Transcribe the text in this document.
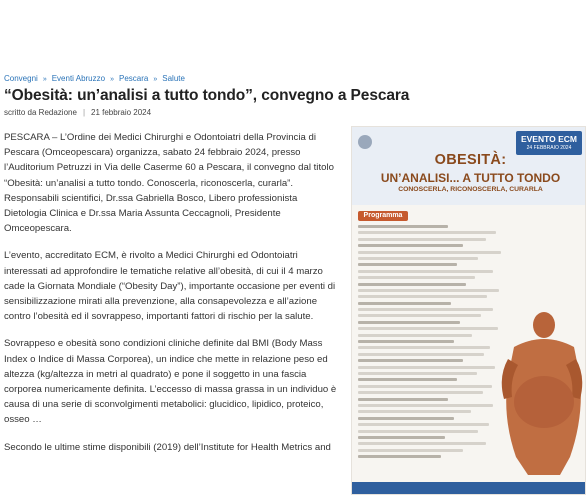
Convegni » Eventi Abruzzo » Pescara » Salute
“Obesità: un’analisi a tutto tondo”, convegno a Pescara
scritto da Redazione | 21 febbraio 2024

PESCARA – L’Ordine dei Medici Chirurghi e Odontoiatri della Provincia di Pescara (Omceopescara) organizza, sabato 24 febbraio 2024, presso l’Auditorium Petruzzi in Via delle Caserme 60 a Pescara, il convegno dal titolo “Obesità: un’analisi a tutto tondo. Conoscerla, riconoscerla, curarla”. Responsabili scientifici, Dr.ssa Gabriella Bosco, Libero professionista Dietologia Clinica e Dr.ssa Maria Assunta Ceccagnoli, Presidente Omceopescara.

L’evento, accreditato ECM, è rivolto a Medici Chirurghi ed Odontoiatri interessati ad approfondire le tematiche relative all’obesità, di cui il 4 marzo cade la Giornata Mondiale (“Obesity Day”), importante occasione per eventi di sensibilizzazione mirati alla prevenzione, alla consapevolezza e all’azione contro l’obesità ed il sovrappeso, importanti fattori di rischio per la salute.

Sovrappeso e obesità sono condizioni cliniche definite dal BMI (Body Mass Index o Indice di Massa Corporea), un indice che mette in relazione peso ed altezza (kg/altezza in metri al quadrato) e pone il soggetto in una fascia corporea numericamente definita. L’eccesso di massa grassa in un individuo è causa di una serie di sconvolgimenti metabolici: glucidico, lipidico, proteico, osseo …

Secondo le ultime stime disponibili (2019) dell’Institute for Health Metrics and

EVENTO ECM
24 FEBBRAIO 2024
OBESITÀ:
UN’ANALISI... A TUTTO TONDO
CONOSCERLA, RICONOSCERLA, CURARLA
Programma
